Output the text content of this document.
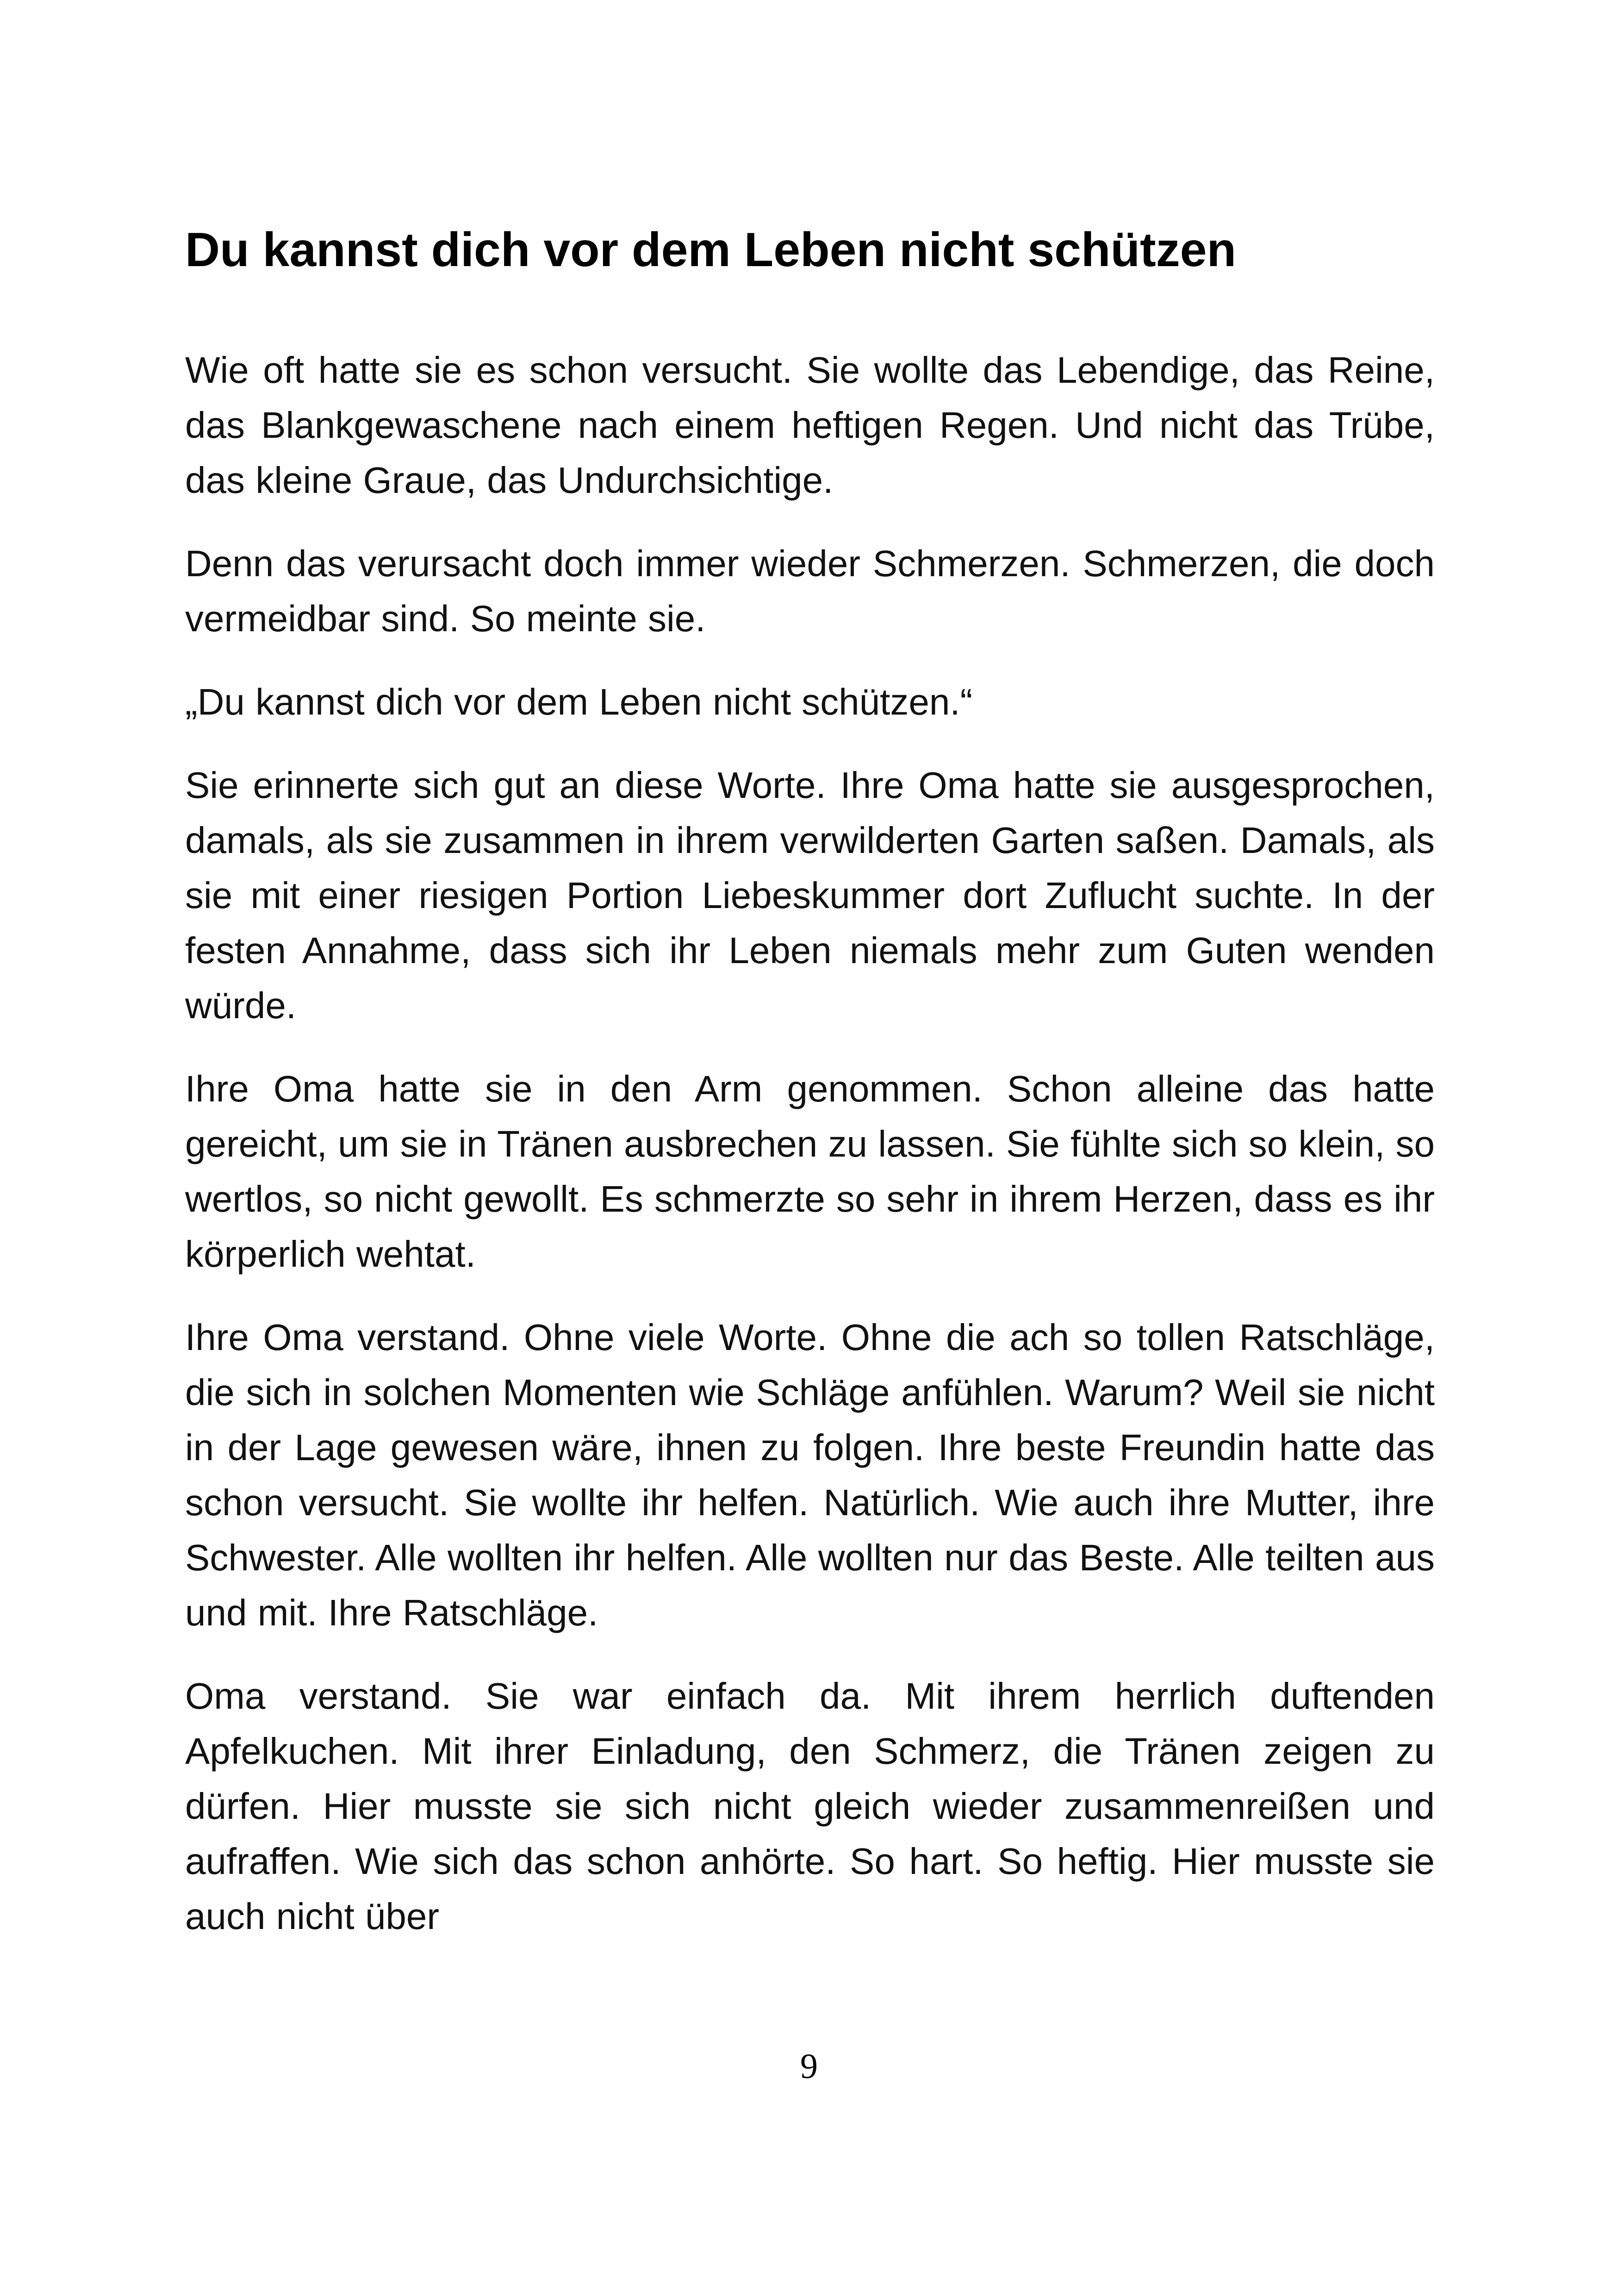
Du kannst dich vor dem Leben nicht schützen

Wie oft hatte sie es schon versucht. Sie wollte das Lebendige, das Reine, das Blankgewaschene nach einem heftigen Regen. Und nicht das Trübe, das kleine Graue, das Undurchsichtige.

Denn das verursacht doch immer wieder Schmerzen. Schmerzen, die doch vermeidbar sind. So meinte sie.

„Du kannst dich vor dem Leben nicht schützen.“

Sie erinnerte sich gut an diese Worte. Ihre Oma hatte sie ausgesprochen, damals, als sie zusammen in ihrem verwilderten Garten saßen. Damals, als sie mit einer riesigen Portion Liebeskummer dort Zuflucht suchte. In der festen Annahme, dass sich ihr Leben niemals mehr zum Guten wenden würde.

Ihre Oma hatte sie in den Arm genommen. Schon alleine das hatte gereicht, um sie in Tränen ausbrechen zu lassen. Sie fühlte sich so klein, so wertlos, so nicht gewollt. Es schmerzte so sehr in ihrem Herzen, dass es ihr körperlich wehtat.

Ihre Oma verstand. Ohne viele Worte. Ohne die ach so tollen Ratschläge, die sich in solchen Momenten wie Schläge anfühlen. Warum? Weil sie nicht in der Lage gewesen wäre, ihnen zu folgen. Ihre beste Freundin hatte das schon versucht. Sie wollte ihr helfen. Natürlich. Wie auch ihre Mutter, ihre Schwester. Alle wollten ihr helfen. Alle wollten nur das Beste. Alle teilten aus und mit. Ihre Ratschläge.

Oma verstand. Sie war einfach da. Mit ihrem herrlich duftenden Apfelkuchen. Mit ihrer Einladung, den Schmerz, die Tränen zeigen zu dürfen. Hier musste sie sich nicht gleich wieder zusammenreißen und aufraffen. Wie sich das schon anhörte. So hart. So heftig. Hier musste sie auch nicht über

9
